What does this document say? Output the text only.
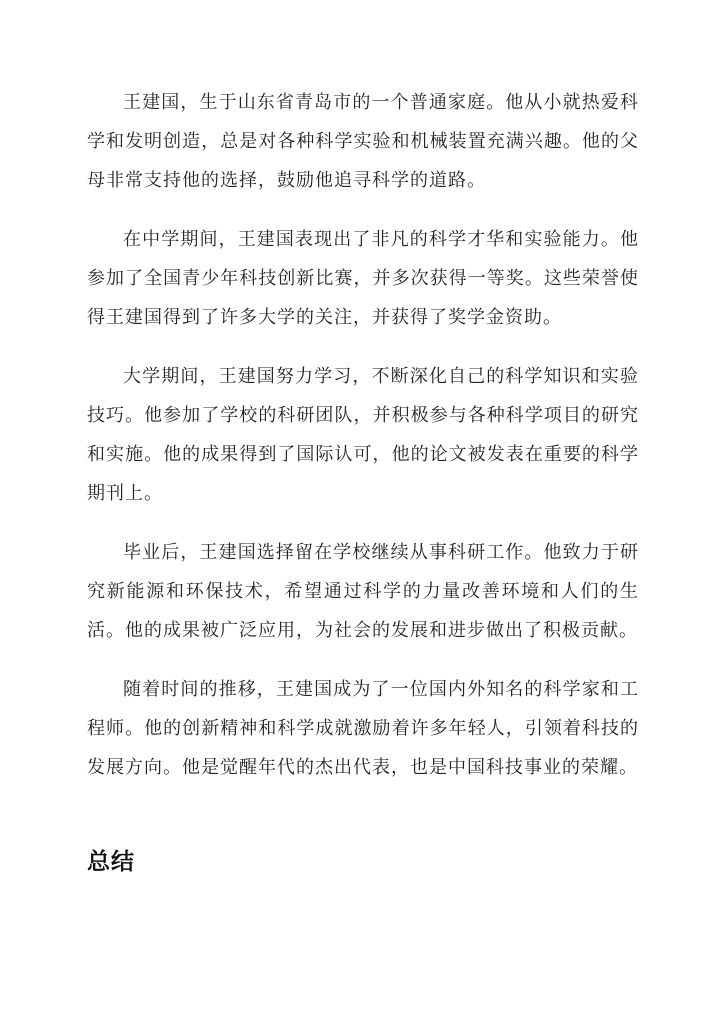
王建国，生于山东省青岛市的一个普通家庭。他从小就热爱科学和发明创造，总是对各种科学实验和机械装置充满兴趣。他的父母非常支持他的选择，鼓励他追寻科学的道路。

在中学期间，王建国表现出了非凡的科学才华和实验能力。他参加了全国青少年科技创新比赛，并多次获得一等奖。这些荣誉使得王建国得到了许多大学的关注，并获得了奖学金资助。

大学期间，王建国努力学习，不断深化自己的科学知识和实验技巧。他参加了学校的科研团队，并积极参与各种科学项目的研究和实施。他的成果得到了国际认可，他的论文被发表在重要的科学期刊上。

毕业后，王建国选择留在学校继续从事科研工作。他致力于研究新能源和环保技术，希望通过科学的力量改善环境和人们的生活。他的成果被广泛应用，为社会的发展和进步做出了积极贡献。

随着时间的推移，王建国成为了一位国内外知名的科学家和工程师。他的创新精神和科学成就激励着许多年轻人，引领着科技的发展方向。他是觉醒年代的杰出代表，也是中国科技事业的荣耀。

总结
